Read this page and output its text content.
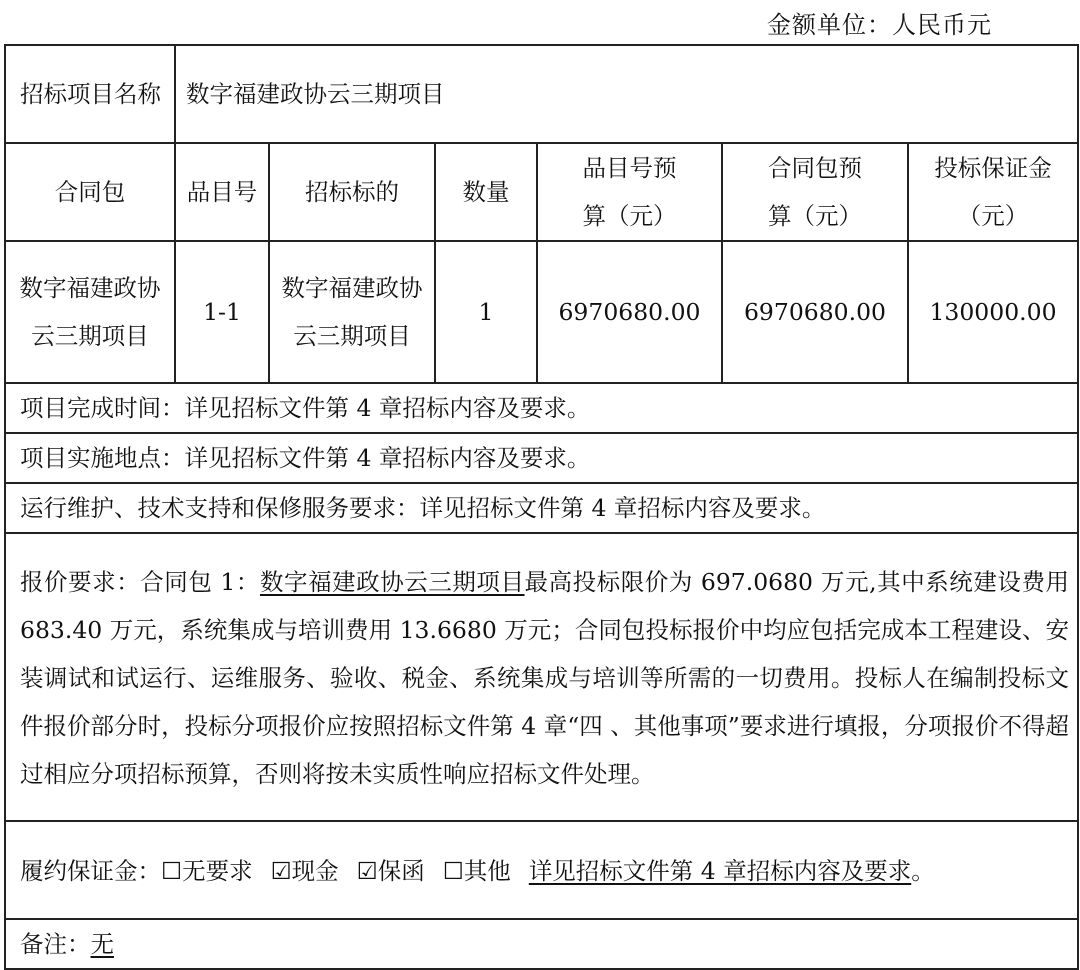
金额单位：人民币元
招标项目名称	数字福建政协云三期项目					
合同包	品目号	招标标的	数量	品目号预算（元）	合同包预算（元）	投标保证金（元）
数字福建政协云三期项目	1-1	数字福建政协云三期项目	1	6970680.00	6970680.00	130000.00
项目完成时间：详见招标文件第 4 章招标内容及要求。						
项目实施地点：详见招标文件第 4 章招标内容及要求。						
运行维护、技术支持和保修服务要求：详见招标文件第 4 章招标内容及要求。						
报价要求：合同包 1：数字福建政协云三期项目最高投标限价为 697.0680 万元,其中系统建设费用 683.40 万元，系统集成与培训费用 13.6680 万元；合同包投标报价中均应包括完成本工程建设、安装调试和试运行、运维服务、验收、税金、系统集成与培训等所需的一切费用。投标人在编制投标文件报价部分时，投标分项报价应按照招标文件第 4 章“四 、其他事项”要求进行填报，分项报价不得超过相应分项招标预算，否则将按未实质性响应招标文件处理。						
履约保证金：☐无要求 ☑现金 ☑保函 ☐其他 详见招标文件第 4 章招标内容及要求。						
备注：无						
